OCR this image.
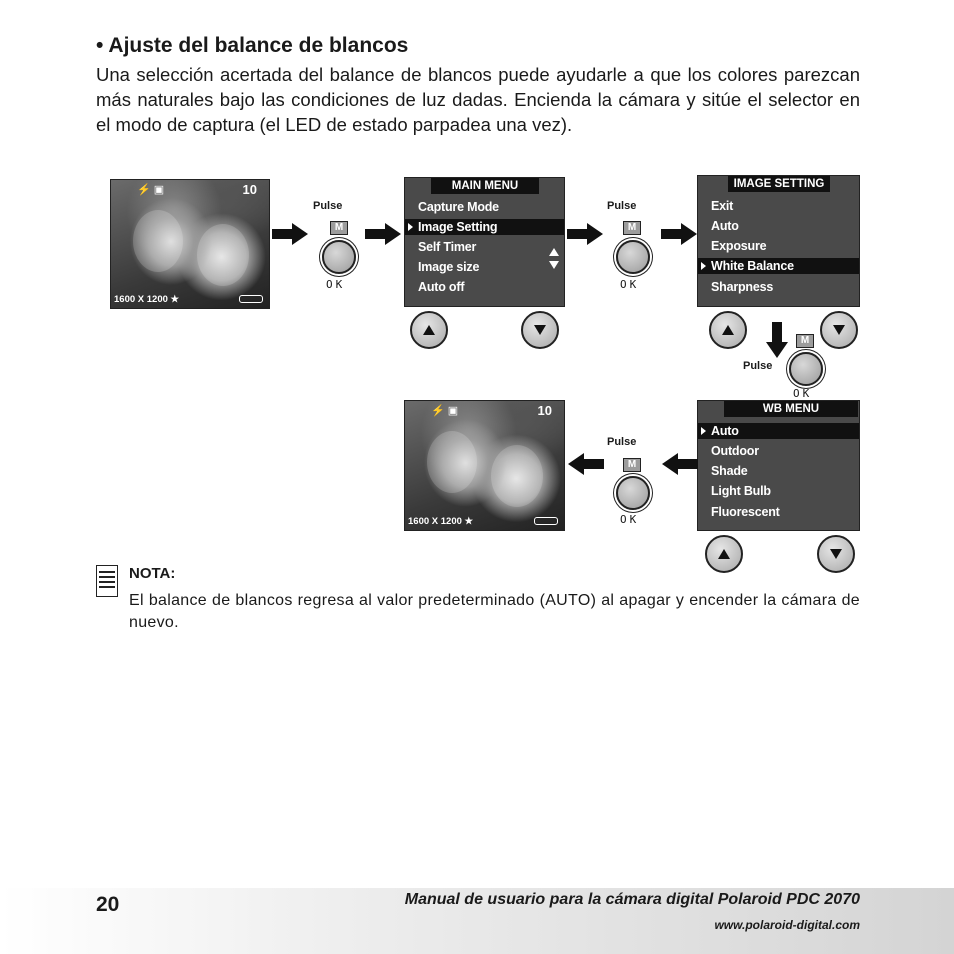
• Ajuste del balance de blancos
Una selección acertada del balance de blancos puede ayudarle a que los colores parezcan más naturales bajo las condiciones de luz dadas. Encienda la cámara y sitúe el selector en el modo de captura (el LED de estado parpadea una vez).
⚡ ▣	10
1600 X 1200 ★
Pulse
M
OK
MAIN MENU
Capture Mode
Image Setting
Self Timer
Image size
Auto off
Pulse
M
OK
IMAGE SETTING
Exit
Auto
Exposure
White Balance
Sharpness
Pulse
M
OK
WB MENU
Auto
Outdoor
Shade
Light Bulb
Fluorescent
Pulse
M
OK
⚡ ▣	10
1600 X 1200 ★
NOTA:
El balance de blancos regresa al valor predeterminado (AUTO) al apagar y encender la cámara de nuevo.
20	Manual de usuario para la cámara digital Polaroid PDC 2070
www.polaroid-digital.com
